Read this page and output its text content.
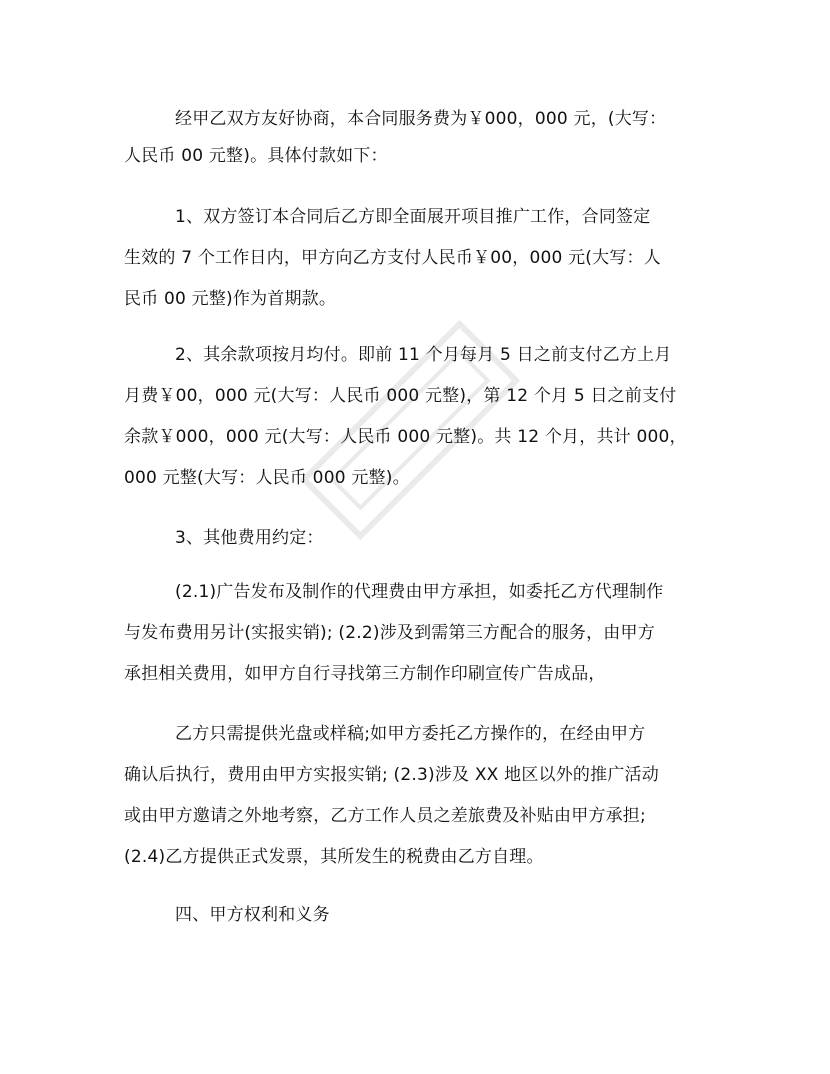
经甲乙双方友好协商，本合同服务费为￥000，000 元，(大写：
人民币 00 元整)。具体付款如下：
1、双方签订本合同后乙方即全面展开项目推广工作，合同签定
生效的 7 个工作日内，甲方向乙方支付人民币￥00，000 元(大写：人
民币 00 元整)作为首期款。
2、其余款项按月均付。即前 11 个月每月 5 日之前支付乙方上月
月费￥00，000 元(大写：人民币 000 元整)，第 12 个月 5 日之前支付
余款￥000，000 元(大写：人民币 000 元整)。共 12 个月，共计 000，
000 元整(大写：人民币 000 元整)。
3、其他费用约定：
(2.1)广告发布及制作的代理费由甲方承担，如委托乙方代理制作
与发布费用另计(实报实销); (2.2)涉及到需第三方配合的服务，由甲方
承担相关费用，如甲方自行寻找第三方制作印刷宣传广告成品，
乙方只需提供光盘或样稿;如甲方委托乙方操作的，在经由甲方
确认后执行，费用由甲方实报实销; (2.3)涉及 XX 地区以外的推广活动
或由甲方邀请之外地考察，乙方工作人员之差旅费及补贴由甲方承担;
(2.4)乙方提供正式发票，其所发生的税费由乙方自理。
四、甲方权利和义务
